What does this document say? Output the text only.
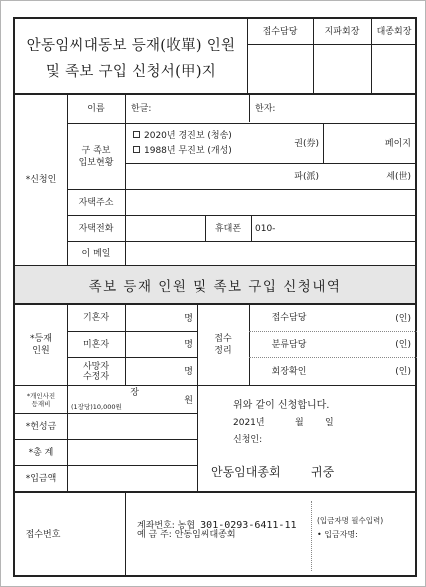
안동임씨대동보 등재(收單) 인원
및 족보 구입 신청서(甲)지
접수담당	지파회장	대종회장
*신청인
이름	한글:	한자:
구 족보
입보현황
2020년 경진보 (청송)
1988년 무진보 (개성)
권(券)	페이지
파(派)	세(世)
자택주소
자택전화	휴대폰	010-
이 메일
족보 등재 인원 및 족보 구입 신청내역
*등재
인원
기혼자	명
미혼자	명
사망자
수정자	명
접수
정리
접수담당	(인)
분류담당	(인)
회장확인	(인)
*개인사진
등재비
장
(1장당)10,000원
원
*헌성금
*총 계
*입금액
위와 같이 신청합니다.
2021년	월 일
신청인:
안동임대종회	귀중
접수번호
계좌번호: 농협 301-0293-6411-11
예 금 주: 안동임씨대종회
(입금자명 필수입력)
• 입금자명:
